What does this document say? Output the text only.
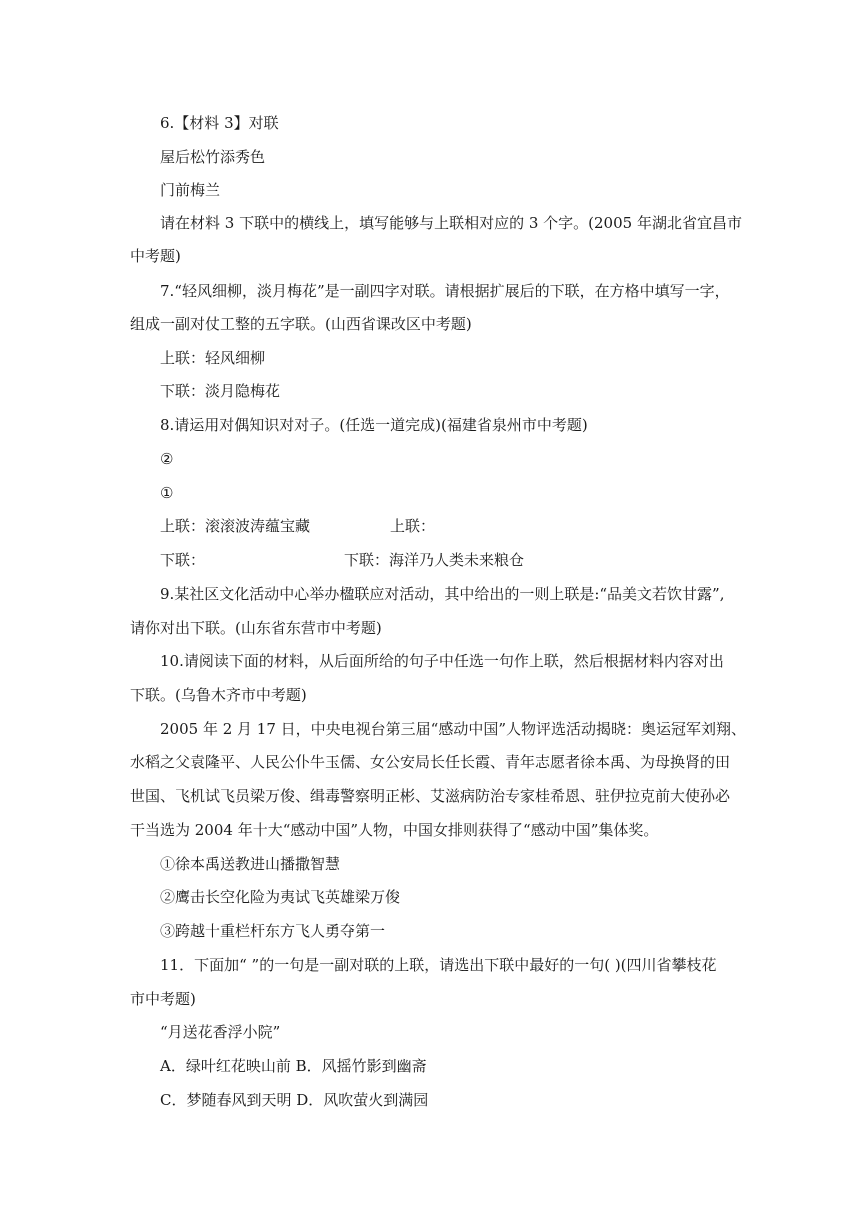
6.【材料 3】对联
屋后松竹添秀色
门前梅兰
请在材料 3 下联中的横线上，填写能够与上联相对应的 3 个字。(2005 年湖北省宜昌市
中考题)
7.“轻风细柳，淡月梅花”是一副四字对联。请根据扩展后的下联，在方格中填写一字，
组成一副对仗工整的五字联。(山西省课改区中考题)
上联：轻风细柳
下联：淡月隐梅花
8.请运用对偶知识对对子。(任选一道完成)(福建省泉州市中考题)
②
①
上联：滚滚波涛蕴宝藏	上联：
下联：	下联：海洋乃人类未来粮仓
9.某社区文化活动中心举办楹联应对活动，其中给出的一则上联是:“品美文若饮甘露”,
请你对出下联。(山东省东营市中考题)
10.请阅读下面的材料，从后面所给的句子中任选一句作上联，然后根据材料内容对出
下联。(乌鲁木齐市中考题)
2005 年 2 月 17 日，中央电视台第三届“感动中国”人物评选活动揭晓：奥运冠军刘翔、
水稻之父袁隆平、人民公仆牛玉儒、女公安局长任长霞、青年志愿者徐本禹、为母换肾的田
世国、飞机试飞员梁万俊、缉毒警察明正彬、艾滋病防治专家桂希恩、驻伊拉克前大使孙必
干当选为 2004 年十大“感动中国”人物，中国女排则获得了“感动中国”集体奖。
①徐本禹送教进山播撒智慧
②鹰击长空化险为夷试飞英雄梁万俊
③跨越十重栏杆东方飞人勇夺第一
11．下面加“ ”的一句是一副对联的上联，请选出下联中最好的一句( )(四川省攀枝花
市中考题)
“月送花香浮小院”
A．绿叶红花映山前 B．风摇竹影到幽斋
C．梦随春风到天明 D．风吹萤火到满园
